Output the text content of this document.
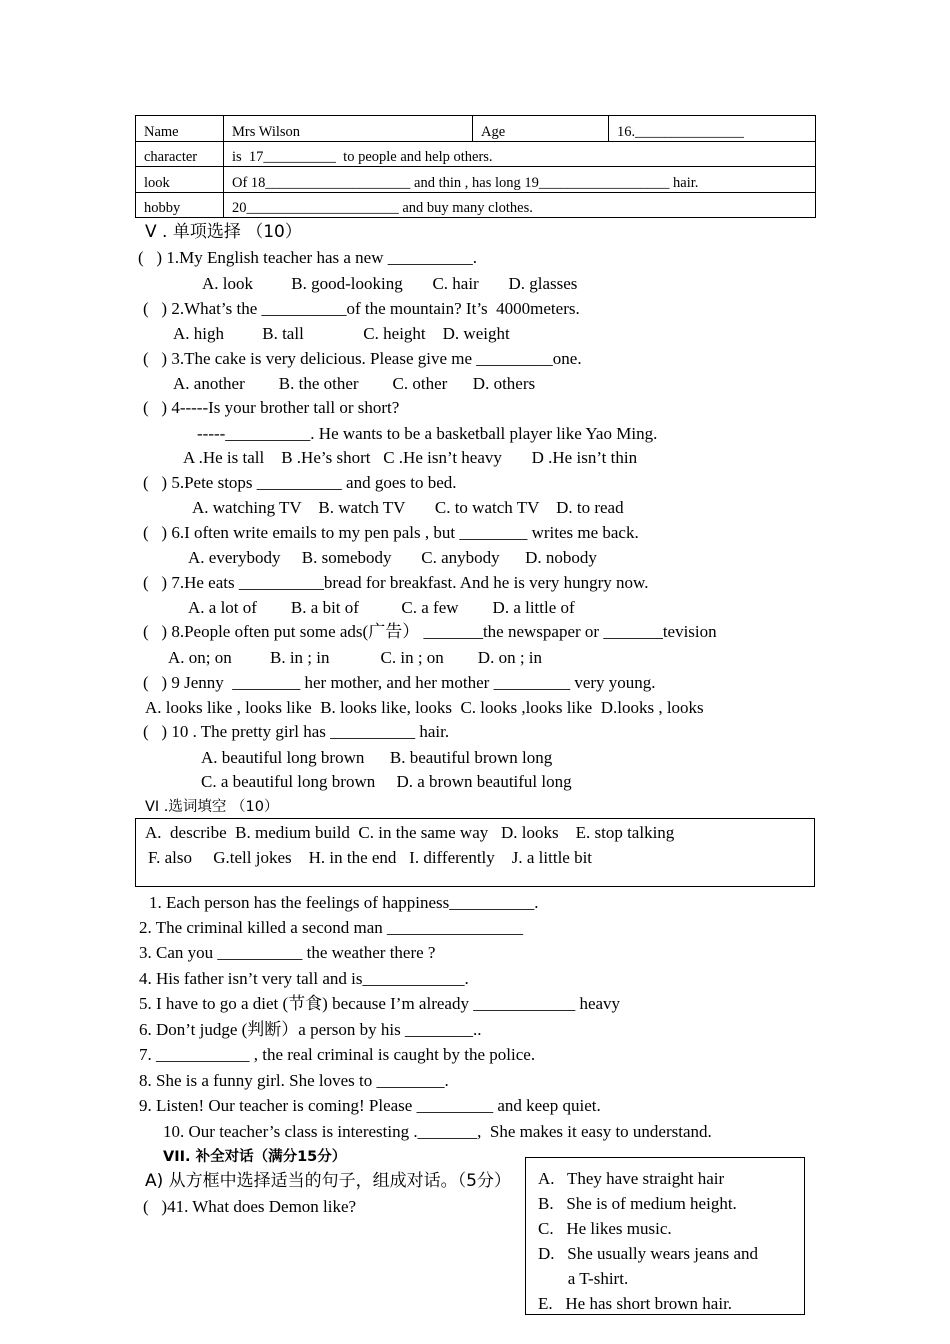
Name	Mrs Wilson	Age	16._______________
character	is  17__________  to people and help others.		
look	Of 18____________________ and thin , has long 19__________________ hair.		
hobby	20_____________________ and buy many clothes.		
V . 单项选择 （10）
(   ) 1.My English teacher has a new __________.
A. look         B. good-looking       C. hair       D. glasses
(   ) 2.What’s the __________of the mountain? It’s  4000meters.
A. high         B. tall              C. height    D. weight
(   ) 3.The cake is very delicious. Please give me _________one.
A. another        B. the other        C. other      D. others
(   ) 4-----Is your brother tall or short?
-----__________. He wants to be a basketball player like Yao Ming.
A .He is tall    B .He’s short   C .He isn’t heavy       D .He isn’t thin
(   ) 5.Pete stops __________ and goes to bed.
A. watching TV    B. watch TV       C. to watch TV    D. to read
(   ) 6.I often write emails to my pen pals , but ________ writes me back.
A. everybody     B. somebody       C. anybody      D. nobody
(   ) 7.He eats __________bread for breakfast. And he is very hungry now.
A. a lot of        B. a bit of          C. a few        D. a little of
(   ) 8.People often put some ads(广告） _______the newspaper or _______tevision
A. on; on         B. in ; in            C. in ; on        D. on ; in
(   ) 9 Jenny  ________ her mother, and her mother _________ very young.
A. looks like , looks like  B. looks like, looks  C. looks ,looks like  D.looks , looks
(   ) 10 . The pretty girl has __________ hair.
A. beautiful long brown      B. beautiful brown long
C. a beautiful long brown     D. a brown beautiful long
VI .选词填空 （10）
A.  describe  B. medium build  C. in the same way   D. looks    E. stop talking
F. also     G.tell jokes    H. in the end   I. differently    J. a little bit
1. Each person has the feelings of happiness__________.
2. The criminal killed a second man ________________
3. Can you __________ the weather there ?
4. His father isn’t very tall and is____________.
5. I have to go a diet (节食) because I’m already ____________ heavy
6. Don’t judge (判断）a person by his ________..
7. ___________ , the real criminal is caught by the police.
8. She is a funny girl. She loves to ________.
9. Listen! Our teacher is coming! Please _________ and keep quiet.
10. Our teacher’s class is interesting ._______,  She makes it easy to understand.
VII. 补全对话（满分15分）
A) 从方框中选择适当的句子，组成对话。（5分）
(   )41. What does Demon like?
A.   They have straight hair
B.   She is of medium height.
C.   He likes music.
D.   She usually wears jeans and
a T-shirt.
E.   He has short brown hair.
